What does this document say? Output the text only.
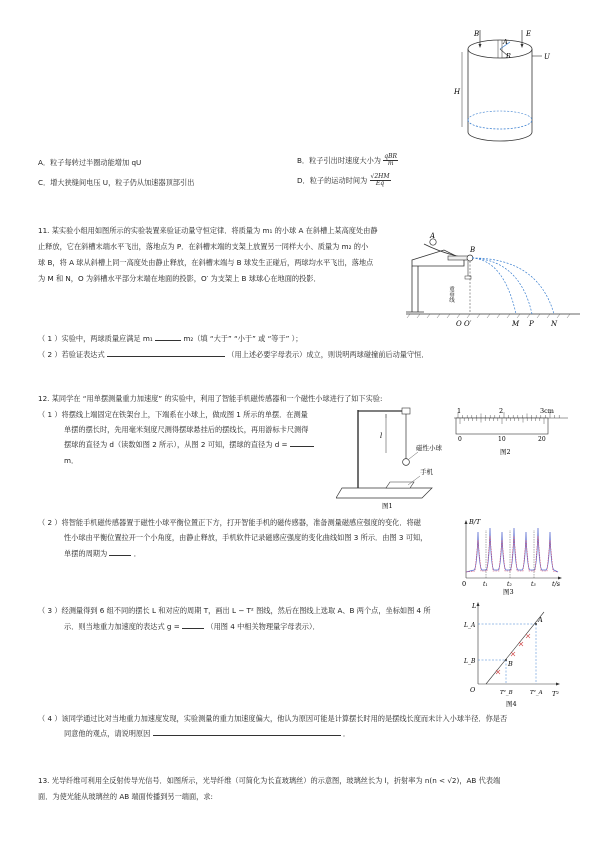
B	E
A
R	U
H
A．粒子每转过半圈动能增加 qU	B．粒子引出时速度大小为 $\frac{\text{qBR}}{m}$
C．增大狭缝间电压 U，粒子仍从加速器顶部引出	D．粒子的运动时间为 $\frac{√2HM}{Eq}$
11. 某实验小组用如图所示的实验装置来验证动量守恒定律．将质量为 m₁ 的小球 A 在斜槽上某高度处由静
止释放，它在斜槽末端水平飞出，落地点为 P．在斜槽末端的支架上放置另一同样大小、质量为 m₂ 的小
球 B，将 A 球从斜槽上同一高度处由静止释放，在斜槽末端与 B 球发生正碰后，两球均水平飞出，落地点
为 M 和 N，O 为斜槽水平部分末端在地面的投影，O′ 为支架上 B 球球心在地面的投影．
A
B
重垂线
O O′	M P N
（ 1 ）实验中，两球质量应满足 m₁	m₂（填 “大于” “小于” 或 “等于” ）；
（ 2 ）若验证表达式	（用上述必要字母表示）成立，则说明两球碰撞前后动量守恒．
12. 某同学在 “用单摆测量重力加速度” 的实验中，利用了智能手机磁传感器和一个磁性小球进行了如下实验:
（ 1 ）将摆线上端固定在铁架台上，下端系在小球上，做成图 1 所示的单摆．在测量
单摆的摆长时，先用毫米刻度尺测得摆球悬挂后的摆线长，再用游标卡尺测得
摆球的直径为 d（读数如图 2 所示），从图 2 可知，摆球的直径为 d =
m．
l
磁性小球
手机
图1
1	2	3cm
0	10	20
图2
（ 2 ）将智能手机磁传感器置于磁性小球平衡位置正下方，打开智能手机的磁传感器，准备测量磁感应强度的变化．将磁
性小球由平衡位置拉开一个小角度，由静止释放，手机软件记录磁感应强度的变化曲线如图 3 所示．由图 3 可知，
单摆的周期为	．
B/T
t/s
0	t₁	t₂	t₃
图3
（ 3 ）经测量得到 6 组不同的摆长 L 和对应的周期 T，画出 L − T² 图线，然后在图线上选取 A、B 两个点，坐标如图 4 所
示．则当地重力加速度的表达式 g =	（用图 4 中相关物理量字母表示）．
L
T²
O
L_A
L_B
T²_B	T²_A
A
B
图4
（ 4 ）该同学通过比对当地重力加速度发现，实验测量的重力加速度偏大，他认为原因可能是计算摆长时用的是摆线长度而未计入小球半径．你是否
同意他的观点，请说明原因	．
13. 光导纤维可利用全反射传导光信号．如图所示，光导纤维（可简化为长直玻璃丝）的示意图，玻璃丝长为 l，折射率为 n(n < √2)，AB 代表端
面．为使光能从玻璃丝的 AB 端面传播到另一端面，求:
